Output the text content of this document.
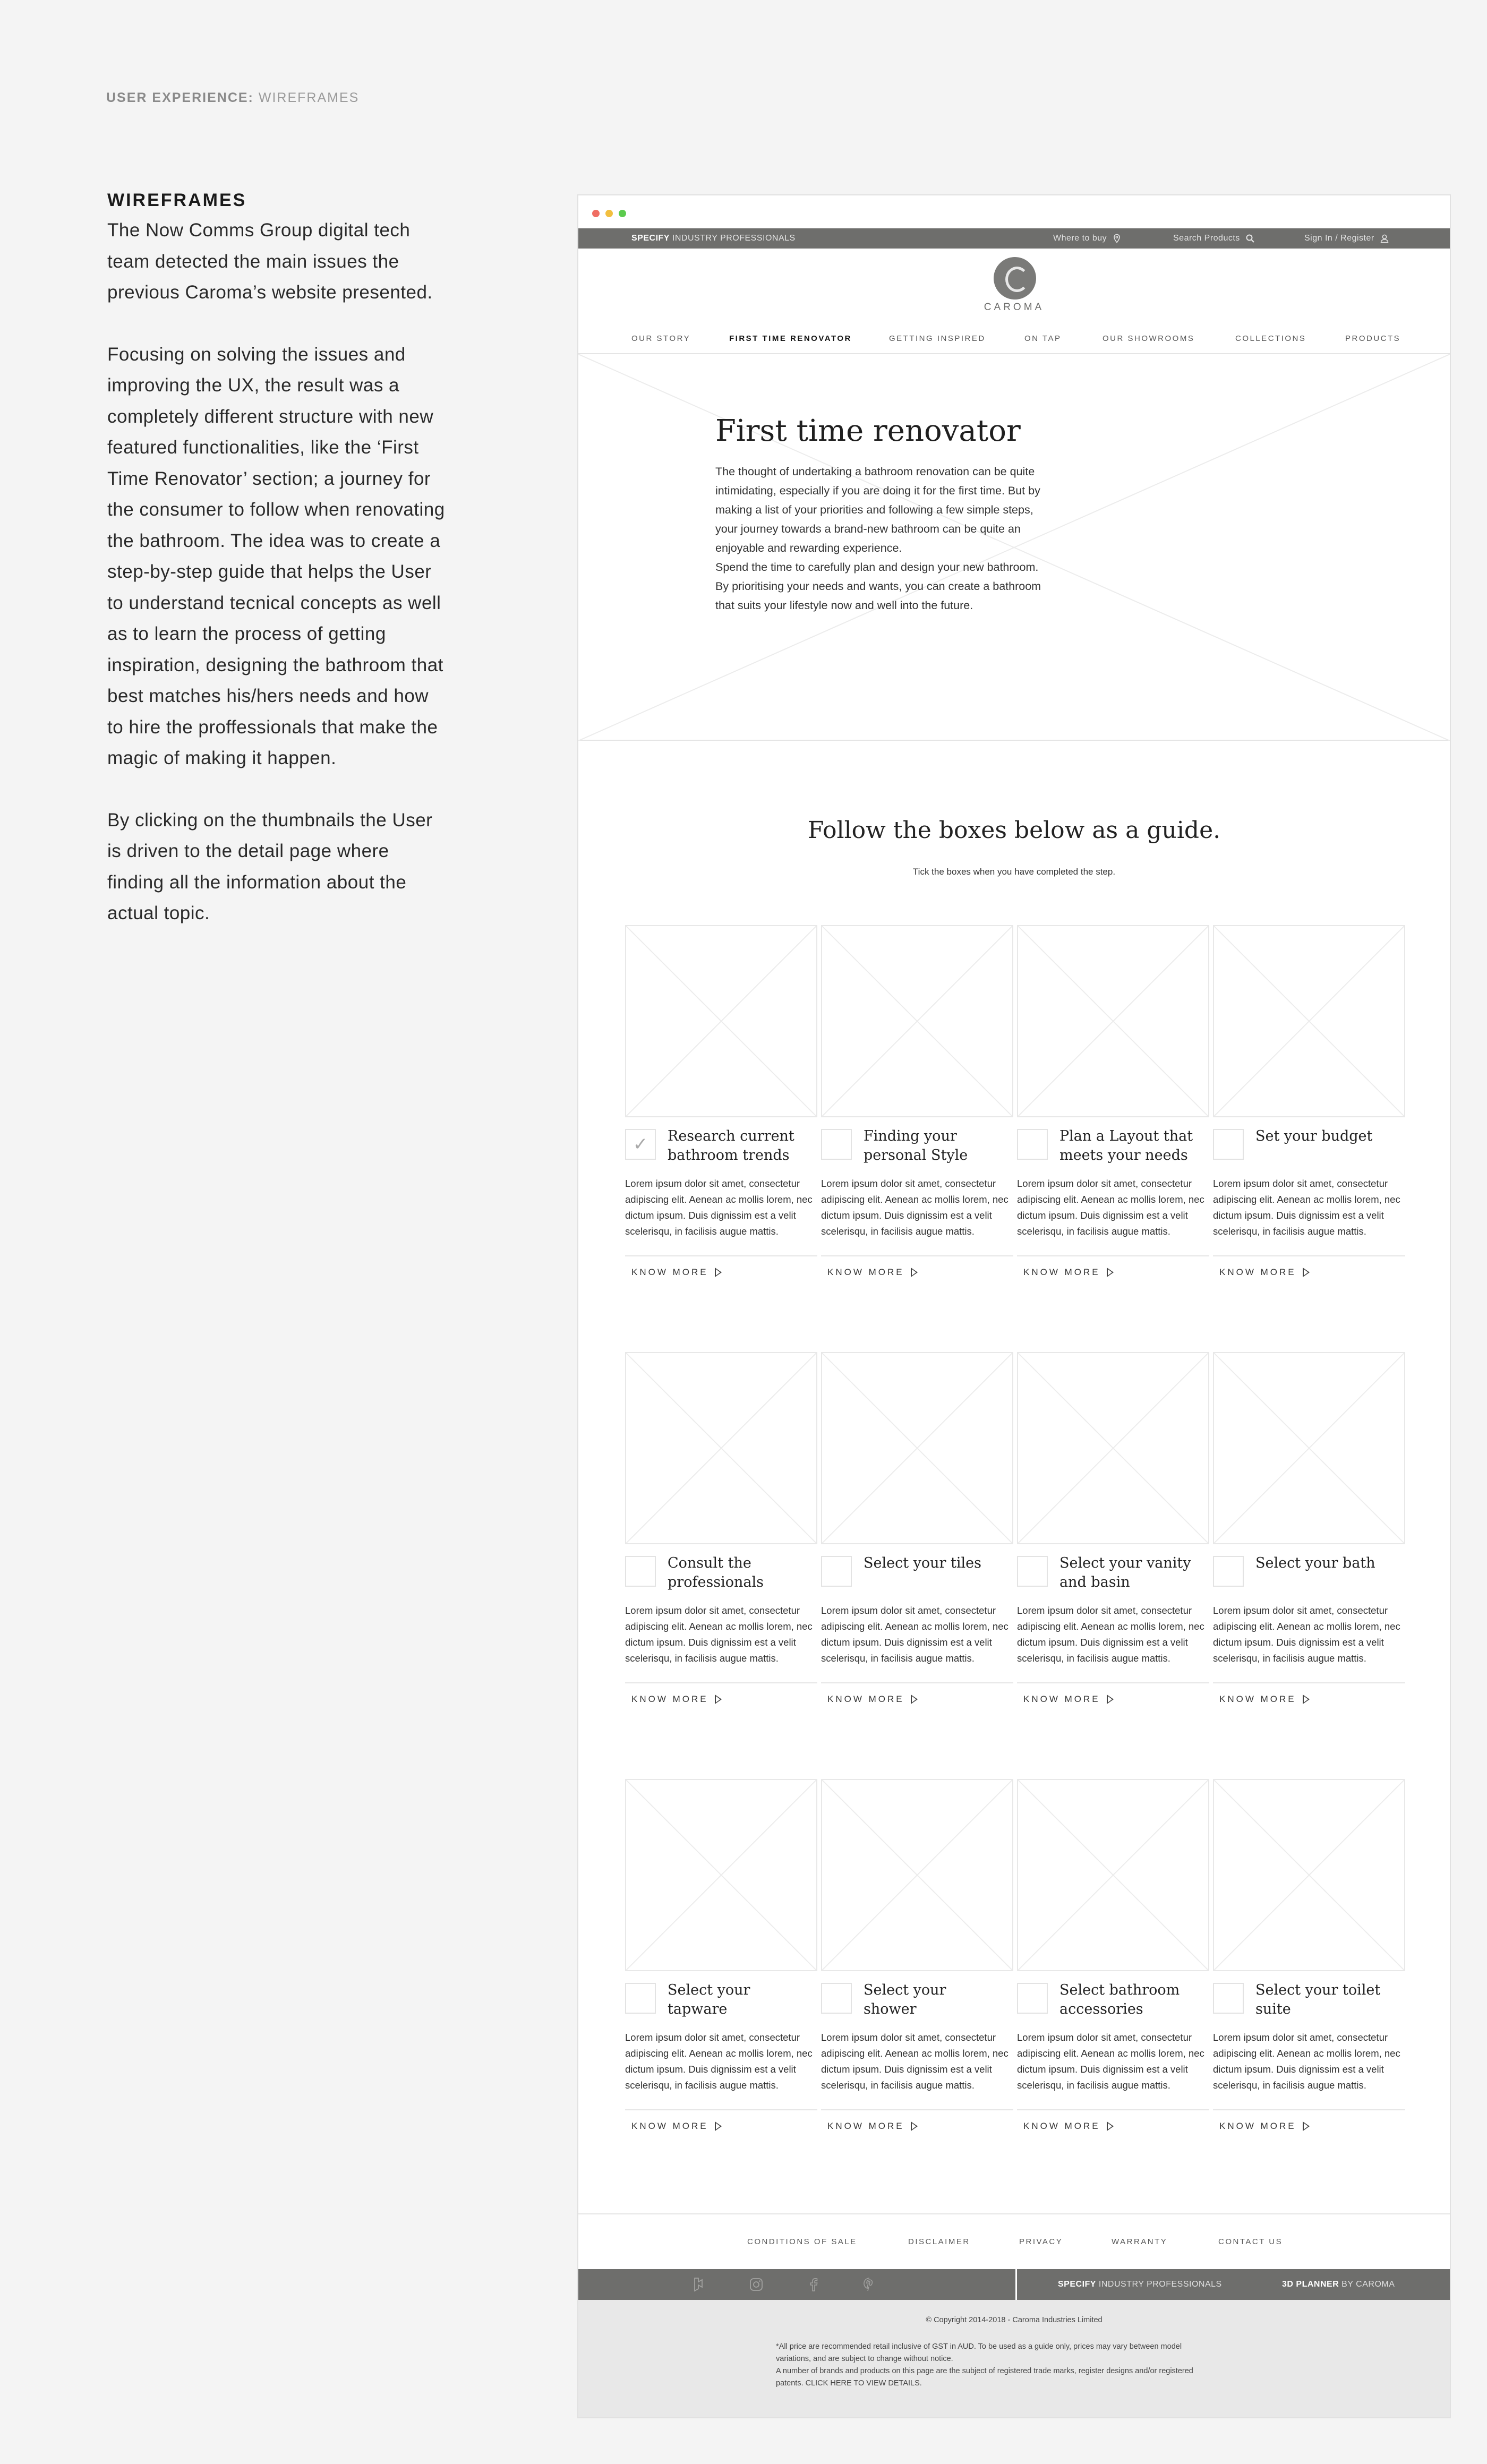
USER EXPERIENCE: WIREFRAMES
WIREFRAMES

The Now Comms Group digital tech team detected the main issues the previous Caroma’s website presented.

Focusing on solving the issues and improving the UX, the result was a completely different structure with new featured functionalities, like the ‘First Time Renovator’ section; a journey for the consumer to follow when renovating the bathroom. The idea was to create a step-by-step guide that helps the User to understand tecnical concepts as well as to learn the process of getting inspiration, designing the bathroom that best matches his/hers needs and how to hire the proffessionals that make the magic of making it happen.

By clicking on the thumbnails the User is driven to the detail page where finding all the information about the actual topic.

SPECIFY INDUSTRY PROFESSIONALS	Where to buy	Search Products	Sign In / Register
CAROMA
OUR STORY	FIRST TIME RENOVATOR	GETTING INSPIRED	ON TAP	OUR SHOWROOMS	COLLECTIONS	PRODUCTS
First time renovator

The thought of undertaking a bathroom renovation can be quite intimidating, especially if you are doing it for the first time. But by making a list of your priorities and following a few simple steps, your journey towards a brand-new bathroom can be quite an enjoyable and rewarding experience.

Spend the time to carefully plan and design your new bathroom. By prioritising your needs and wants, you can create a bathroom that suits your lifestyle now and well into the future.

Follow the boxes below as a guide.
Tick the boxes when you have completed the step.
✓ Research current
bathroom trends
Lorem ipsum dolor sit amet, consectetur adipiscing elit. Aenean ac mollis lorem, nec dictum ipsum. Duis dignissim est a velit scelerisqu, in facilisis augue mattis.
KNOW MORE
Finding your
personal Style
Lorem ipsum dolor sit amet, consectetur adipiscing elit. Aenean ac mollis lorem, nec dictum ipsum. Duis dignissim est a velit scelerisqu, in facilisis augue mattis.
KNOW MORE
Plan a Layout that
meets your needs
Lorem ipsum dolor sit amet, consectetur adipiscing elit. Aenean ac mollis lorem, nec dictum ipsum. Duis dignissim est a velit scelerisqu, in facilisis augue mattis.
KNOW MORE
Set your budget
Lorem ipsum dolor sit amet, consectetur adipiscing elit. Aenean ac mollis lorem, nec dictum ipsum. Duis dignissim est a velit scelerisqu, in facilisis augue mattis.
KNOW MORE
Consult the
professionals
Lorem ipsum dolor sit amet, consectetur adipiscing elit. Aenean ac mollis lorem, nec dictum ipsum. Duis dignissim est a velit scelerisqu, in facilisis augue mattis.
KNOW MORE
Select your tiles
Lorem ipsum dolor sit amet, consectetur adipiscing elit. Aenean ac mollis lorem, nec dictum ipsum. Duis dignissim est a velit scelerisqu, in facilisis augue mattis.
KNOW MORE
Select your vanity
and basin
Lorem ipsum dolor sit amet, consectetur adipiscing elit. Aenean ac mollis lorem, nec dictum ipsum. Duis dignissim est a velit scelerisqu, in facilisis augue mattis.
KNOW MORE
Select your bath
Lorem ipsum dolor sit amet, consectetur adipiscing elit. Aenean ac mollis lorem, nec dictum ipsum. Duis dignissim est a velit scelerisqu, in facilisis augue mattis.
KNOW MORE
Select your
tapware
Lorem ipsum dolor sit amet, consectetur adipiscing elit. Aenean ac mollis lorem, nec dictum ipsum. Duis dignissim est a velit scelerisqu, in facilisis augue mattis.
KNOW MORE
Select your
shower
Lorem ipsum dolor sit amet, consectetur adipiscing elit. Aenean ac mollis lorem, nec dictum ipsum. Duis dignissim est a velit scelerisqu, in facilisis augue mattis.
KNOW MORE
Select bathroom
accessories
Lorem ipsum dolor sit amet, consectetur adipiscing elit. Aenean ac mollis lorem, nec dictum ipsum. Duis dignissim est a velit scelerisqu, in facilisis augue mattis.
KNOW MORE
Select your toilet
suite
Lorem ipsum dolor sit amet, consectetur adipiscing elit. Aenean ac mollis lorem, nec dictum ipsum. Duis dignissim est a velit scelerisqu, in facilisis augue mattis.
KNOW MORE
CONDITIONS OF SALE	DISCLAIMER	PRIVACY	WARRANTY	CONTACT US
SPECIFY INDUSTRY PROFESSIONALS	3D PLANNER BY CAROMA
© Copyright 2014-2018 - Caroma Industries Limited
*All price are recommended retail inclusive of GST in AUD. To be used as a guide only, prices may vary between model
variations, and are subject to change without notice.
A number of brands and products on this page are the subject of registered trade marks, register designs and/or registered
patents. CLICK HERE TO VIEW DETAILS.
